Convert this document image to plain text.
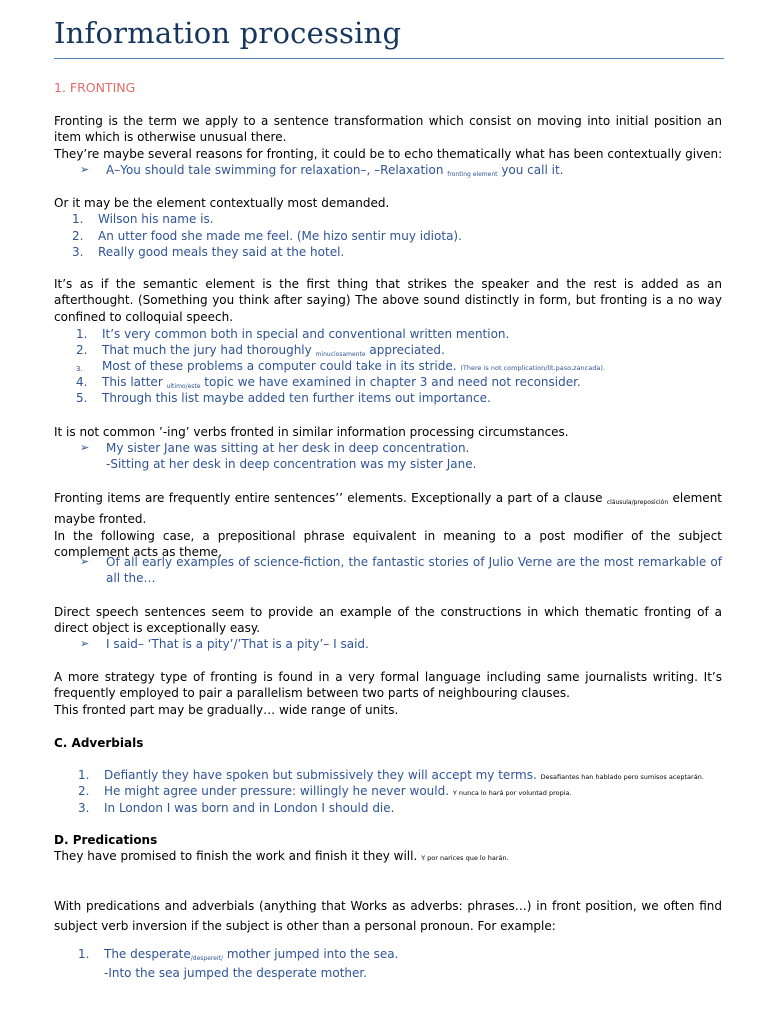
Information processing
1. FRONTING

Fronting is the term we apply to a sentence transformation which consist on moving into initial position an item which is otherwise unusual there.

They’re maybe several reasons for fronting, it could be to echo thematically what has been contextually given:

➢ A–You should tale swimming for relaxation–, –Relaxation $_{fronting element}$ you call it.

Or it may be the element contextually most demanded.

1. Wilson his name is.
2. An utter food she made me feel. (Me hizo sentir muy idiota).
3. Really good meals they said at the hotel.

It’s as if the semantic element is the first thing that strikes the speaker and the rest is added as an afterthought. (Something you think after saying) The above sound distinctly in form, but fronting is a no way confined to colloquial speech.

1. It’s very common both in special and conventional written mention.
2. That much the jury had thoroughly $_{minuciosamente}$ appreciated.
3. Most of these problems a computer could take in its stride. (There is not complication/lit.paso,zancada).
4. This latter $_{ultimo/este}$ topic we have examined in chapter 3 and need not reconsider.
5. Through this list maybe added ten further items out importance.

It is not common ’-ing’ verbs fronted in similar information processing circumstances.

➢ My sister Jane was sitting at her desk in deep concentration.
-Sitting at her desk in deep concentration was my sister Jane.

Fronting items are frequently entire sentences’’ elements. Exceptionally a part of a clause $_{cláusula/preposición}$ element maybe fronted.

In the following case, a prepositional phrase equivalent in meaning to a post modifier of the subject complement acts as theme,

➢ Of all early examples of science-fiction, the fantastic stories of Julio Verne are the most remarkable of all the…

Direct speech sentences seem to provide an example of the constructions in which thematic fronting of a direct object is exceptionally easy.

➢ I said– ‘That is a pity’/’That is a pity’– I said.

A more strategy type of fronting is found in a very formal language including same journalists writing. It’s frequently employed to pair a parallelism between two parts of neighbouring clauses.

This fronted part may be gradually… wide range of units.

C. Adverbials

1. Defiantly they have spoken but submissively they will accept my terms. Desafiantes han hablado pero sumisos aceptarán.
2. He might agree under pressure: willingly he never would. Y nunca lo hará por voluntad propia.
3. In London I was born and in London I should die.

D. Predications

They have promised to finish the work and finish it they will. Y por narices que lo harán.

With predications and adverbials (anything that Works as adverbs: phrases…) in front position, we often find subject verb inversion if the subject is other than a personal pronoun. For example:

1. The desperate$_{/despereit/}$ mother jumped into the sea.
-Into the sea jumped the desperate mother.
